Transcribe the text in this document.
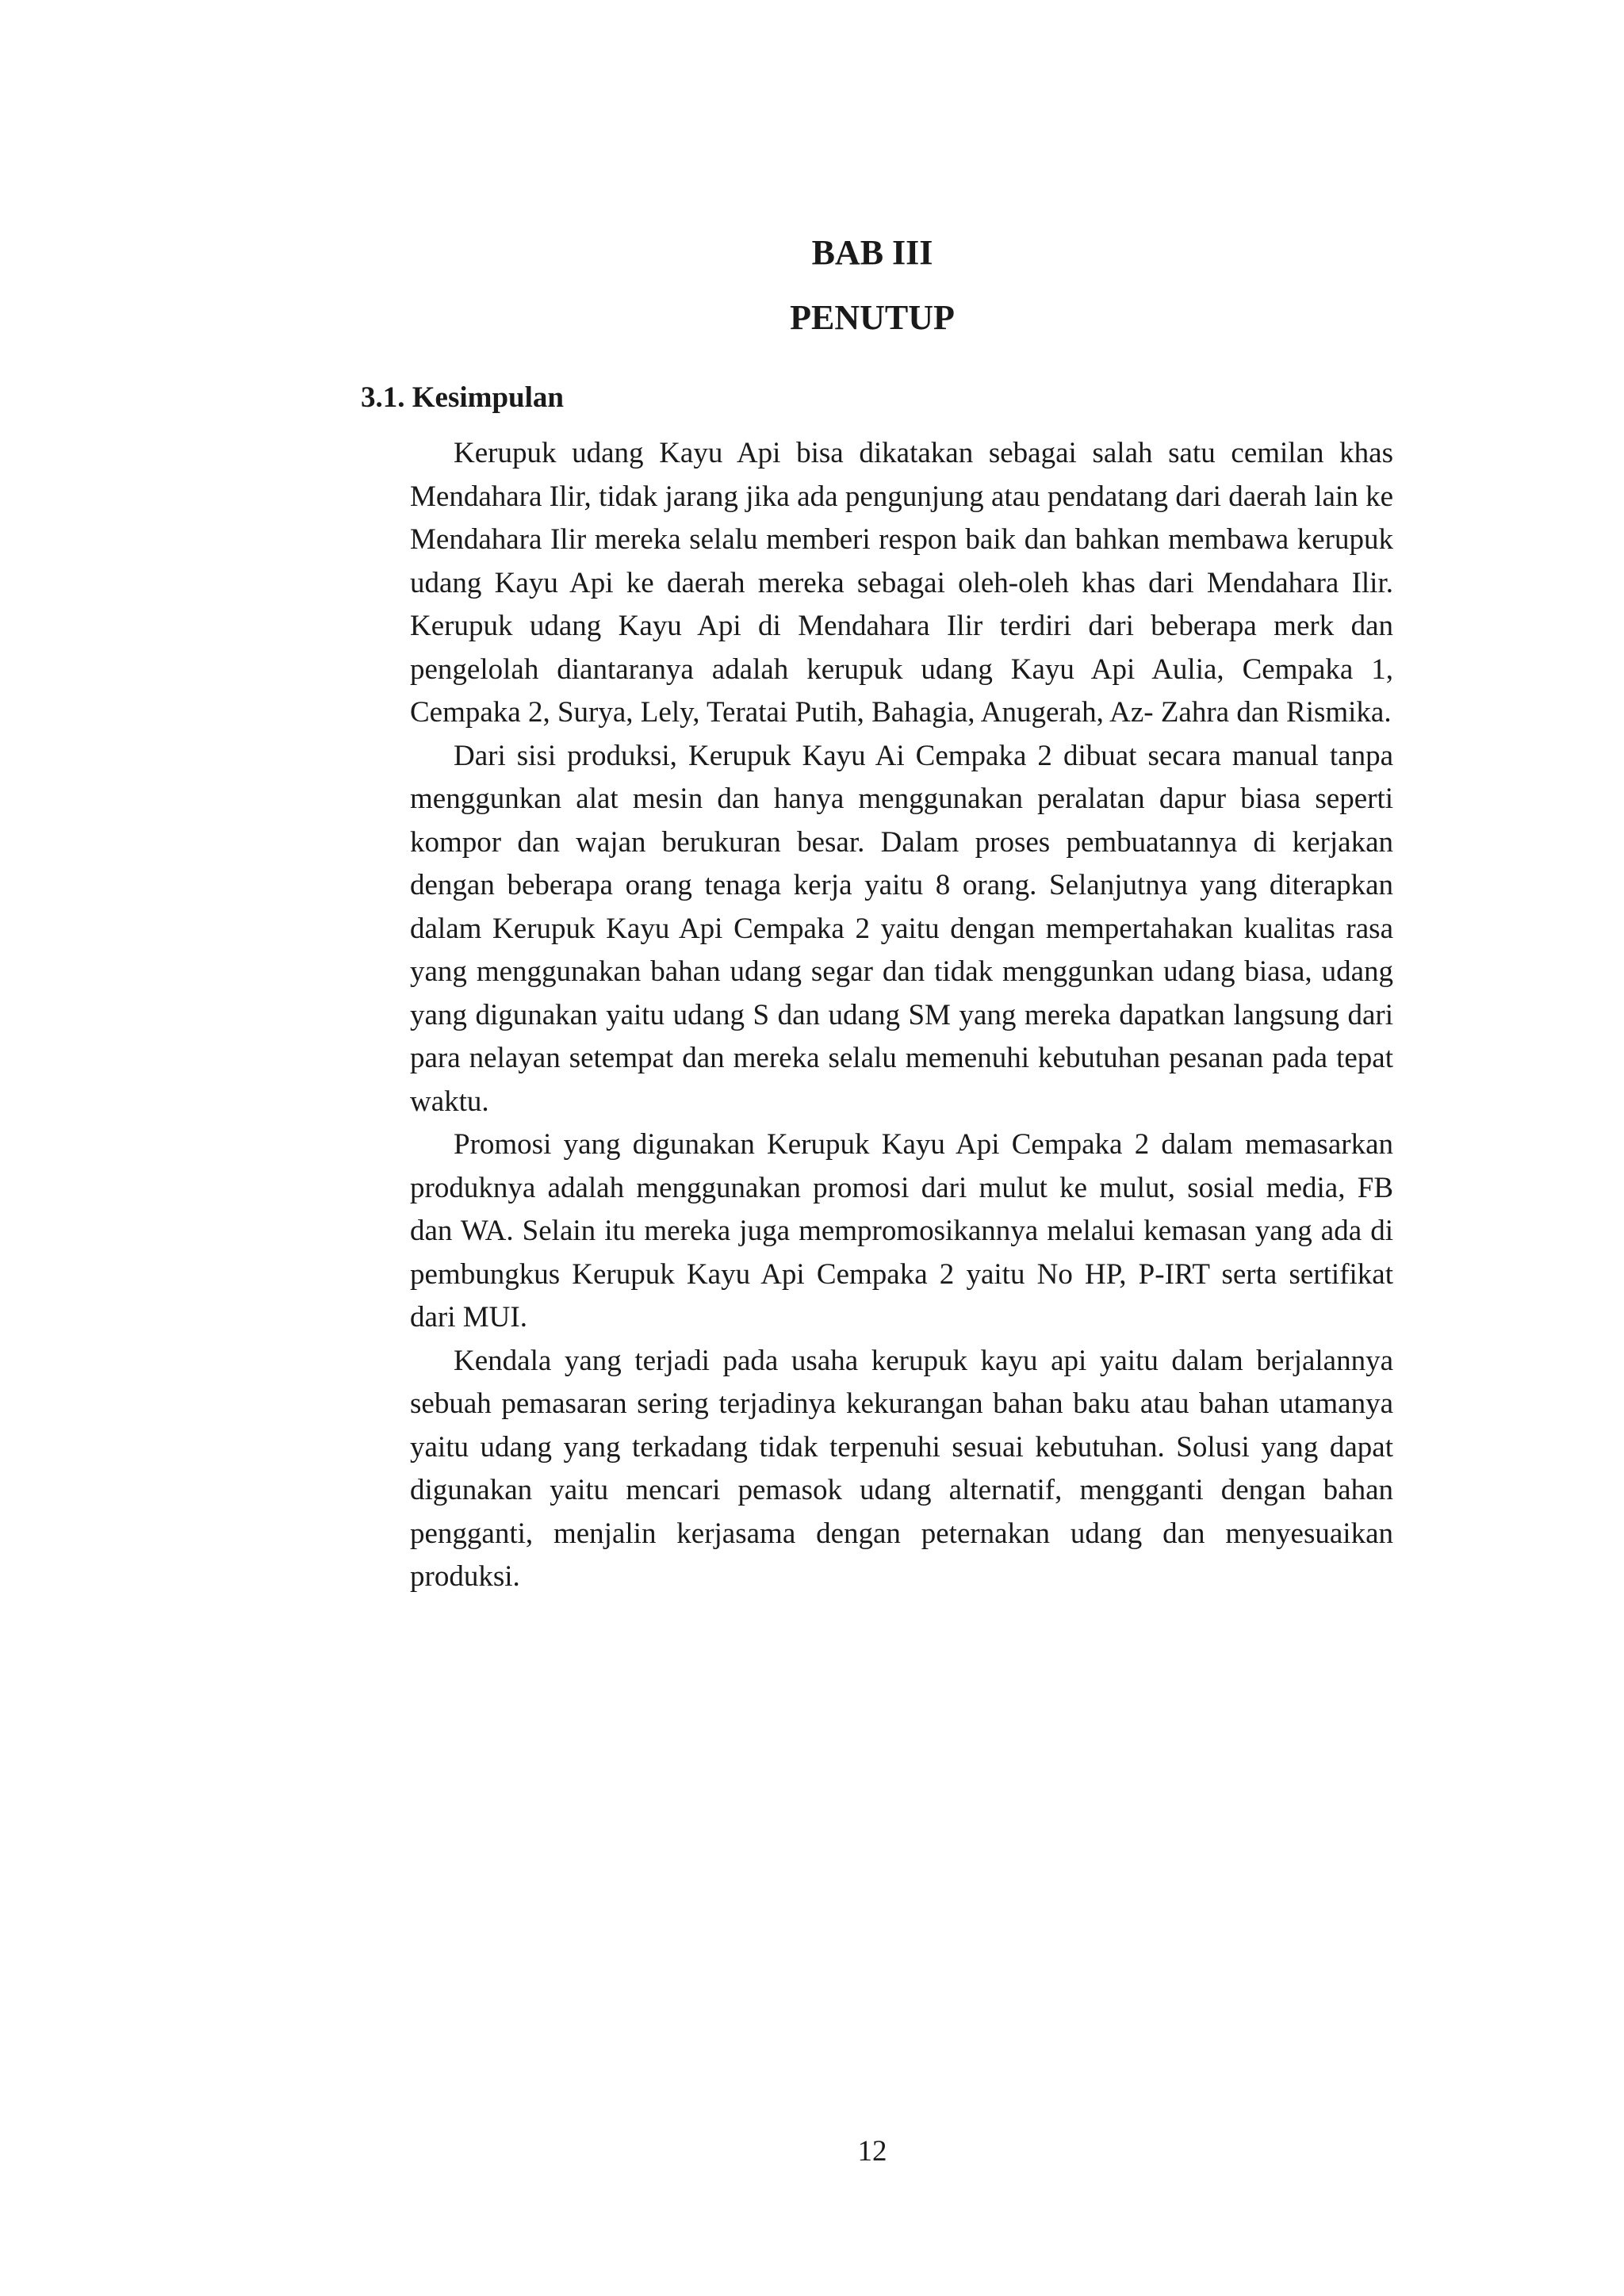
BAB III
PENUTUP
3.1. Kesimpulan

Kerupuk udang Kayu Api bisa dikatakan sebagai salah satu cemilan khas Mendahara Ilir, tidak jarang jika ada pengunjung atau pendatang dari daerah lain ke Mendahara Ilir mereka selalu memberi respon baik dan bahkan membawa kerupuk udang Kayu Api ke daerah mereka sebagai oleh-oleh khas dari Mendahara Ilir. Kerupuk udang Kayu Api di Mendahara Ilir terdiri dari beberapa merk dan pengelolah diantaranya adalah kerupuk udang Kayu Api Aulia, Cempaka 1, Cempaka 2, Surya, Lely, Teratai Putih, Bahagia, Anugerah, Az- Zahra dan Rismika.

Dari sisi produksi, Kerupuk Kayu Ai Cempaka 2 dibuat secara manual tanpa menggunkan alat mesin dan hanya menggunakan peralatan dapur biasa seperti kompor dan wajan berukuran besar. Dalam proses pembuatannya di kerjakan dengan beberapa orang tenaga kerja yaitu 8 orang. Selanjutnya yang diterapkan dalam Kerupuk Kayu Api Cempaka 2 yaitu dengan mempertahakan kualitas rasa yang menggunakan bahan udang segar dan tidak menggunkan udang biasa, udang yang digunakan yaitu udang S dan udang SM yang mereka dapatkan langsung dari para nelayan setempat dan mereka selalu memenuhi kebutuhan pesanan pada tepat waktu.

Promosi yang digunakan Kerupuk Kayu Api Cempaka 2 dalam memasarkan produknya adalah menggunakan promosi dari mulut ke mulut, sosial media, FB dan WA. Selain itu mereka juga mempromosikannya melalui kemasan yang ada di pembungkus Kerupuk Kayu Api Cempaka 2 yaitu No HP, P-IRT serta sertifikat dari MUI.

Kendala yang terjadi pada usaha kerupuk kayu api yaitu dalam berjalannya sebuah pemasaran sering terjadinya kekurangan bahan baku atau bahan utamanya yaitu udang yang terkadang tidak terpenuhi sesuai kebutuhan. Solusi yang dapat digunakan yaitu mencari pemasok udang alternatif, mengganti dengan bahan pengganti, menjalin kerjasama dengan peternakan udang dan menyesuaikan produksi.

12
